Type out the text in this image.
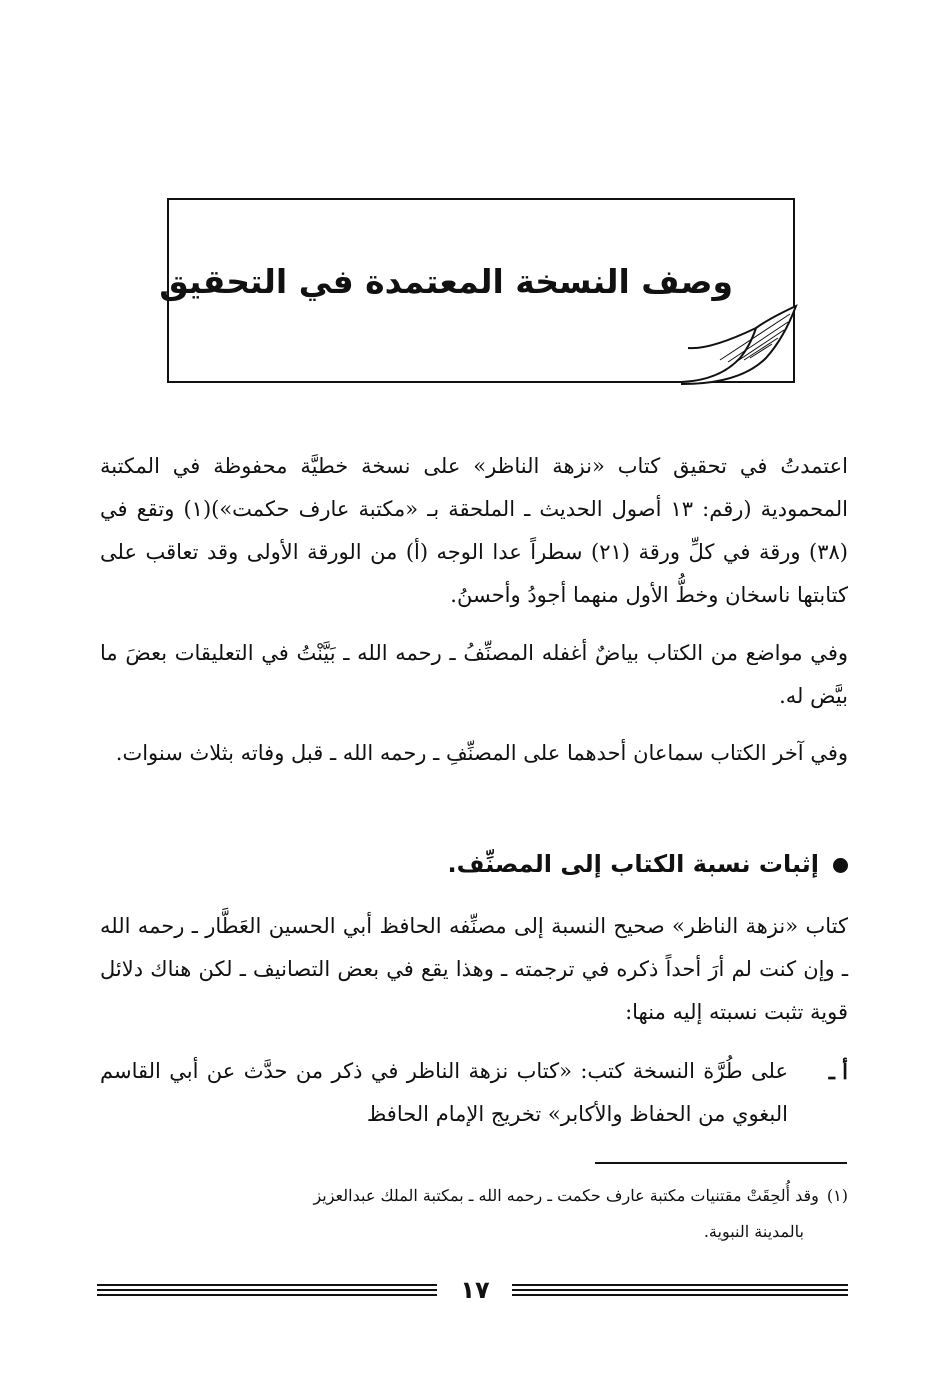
وصف النسخة المعتمدة في التحقيق
اعتمدتُ في تحقيق كتاب «نزهة الناظر» على نسخة خطيَّة محفوظة في المكتبة المحمودية (رقم: ١٣ أصول الحديث ـ الملحقة بـ «مكتبة عارف حكمت»)(١) وتقع في (٣٨) ورقة في كلِّ ورقة (٢١) سطراً عدا الوجه (أ) من الورقة الأولى وقد تعاقب على كتابتها ناسخان وخطُّ الأول منهما أجودُ وأحسنُ.
وفي مواضع من الكتاب بياضٌ أغفله المصنِّفُ ـ رحمه الله ـ بَيَّنْتُ في التعليقات بعضَ ما بيَّض له.
وفي آخر الكتاب سماعان أحدهما على المصنِّفِ ـ رحمه الله ـ قبل وفاته بثلاث سنوات.
إثبات نسبة الكتاب إلى المصنِّف.
كتاب «نزهة الناظر» صحيح النسبة إلى مصنِّفه الحافظ أبي الحسين العَطَّار ـ رحمه الله ـ وإن كنت لم أرَ أحداً ذكره في ترجمته ـ وهذا يقع في بعض التصانيف ـ لكن هناك دلائل قوية تثبت نسبته إليه منها:
أ ـ
على طُرَّة النسخة كتب: «كتاب نزهة الناظر في ذكر من حدَّث عن أبي القاسم البغوي من الحفاظ والأكابر» تخريج الإمام الحافظ
(١)وقد أُلحِقَتْ مقتنيات مكتبة عارف حكمت ـ رحمه الله ـ بمكتبة الملك عبدالعزيز
بالمدينة النبوية.
١٧
